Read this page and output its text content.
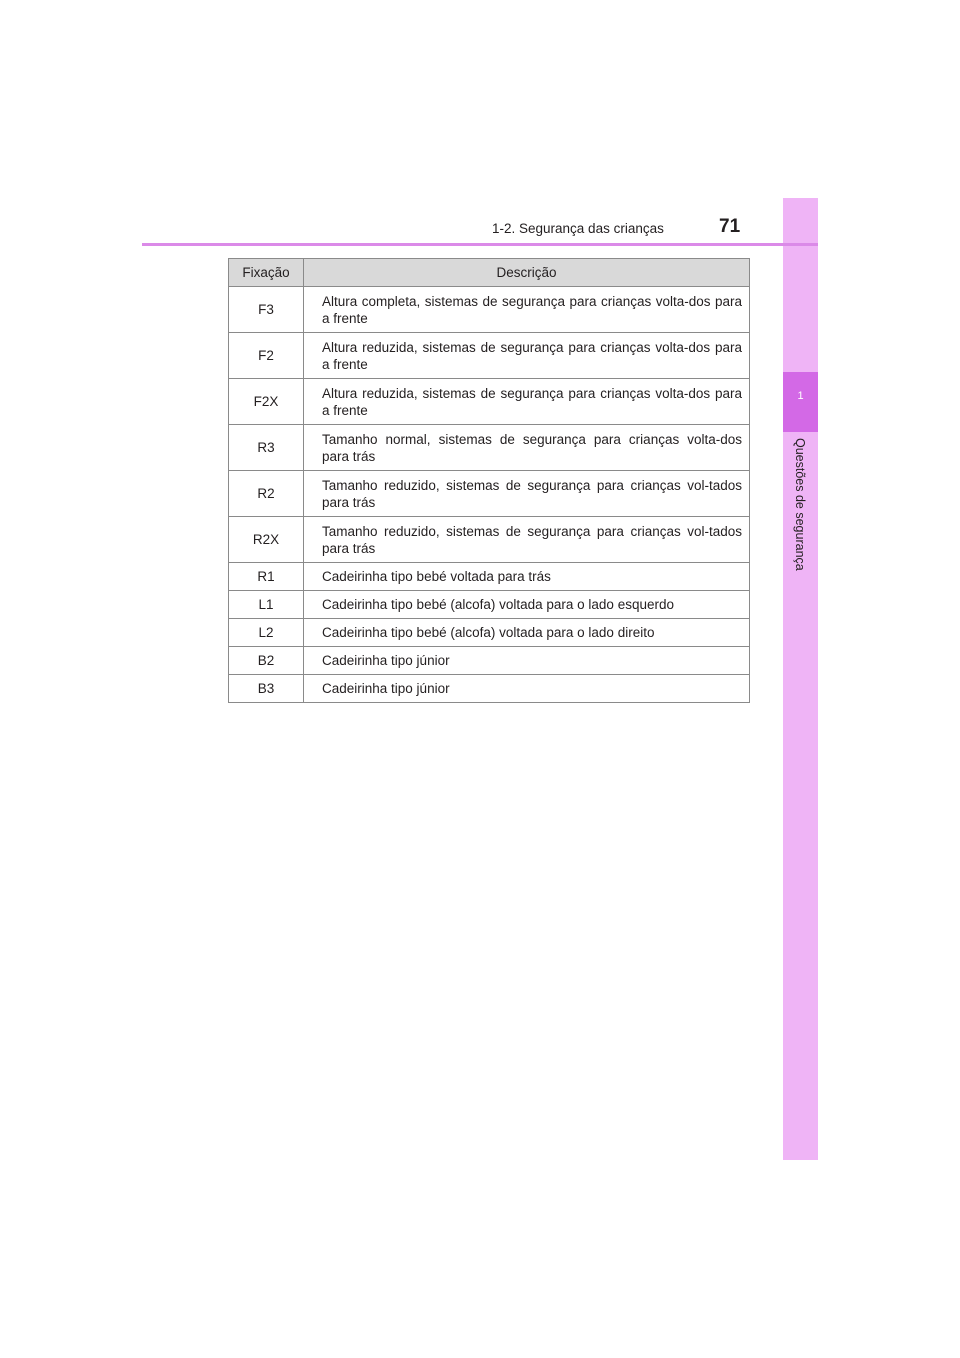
1
Questões de segurança
1-2. Segurança das crianças	71
Fixação	Descrição
F3	Altura completa, sistemas de segurança para crianças volta-dos para a frente
F2	Altura reduzida, sistemas de segurança para crianças volta-dos para a frente
F2X	Altura reduzida, sistemas de segurança para crianças volta-dos para a frente
R3	Tamanho normal, sistemas de segurança para crianças volta-dos para trás
R2	Tamanho reduzido, sistemas de segurança para crianças vol-tados para trás
R2X	Tamanho reduzido, sistemas de segurança para crianças vol-tados para trás
R1	Cadeirinha tipo bebé voltada para trás
L1	Cadeirinha tipo bebé (alcofa) voltada para o lado esquerdo
L2	Cadeirinha tipo bebé (alcofa) voltada para o lado direito
B2	Cadeirinha tipo júnior
B3	Cadeirinha tipo júnior
